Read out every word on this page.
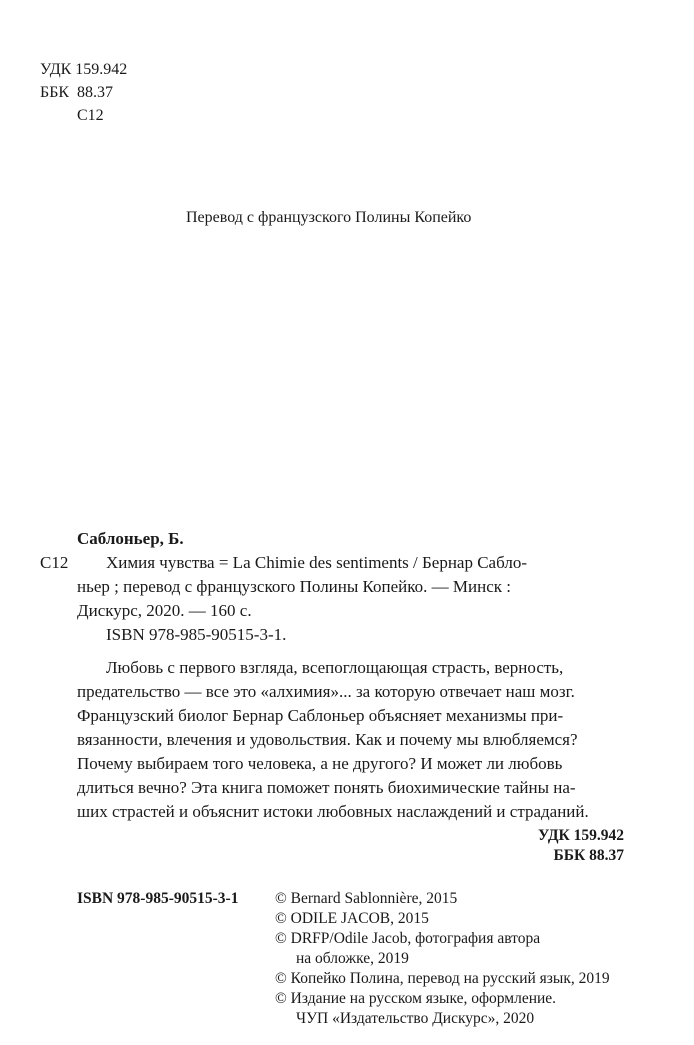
УДК 159.942
ББК  88.37
С12
Перевод с французского Полины Копейко
Саблоньер, Б.
С12 Химия чувства = La Chimie des sentiments / Бернар Сабло-
ньер ; перевод с французского Полины Копейко. — Минск :
Дискурс, 2020. — 160 с.
ISBN 978-985-90515-3-1.
Любовь с первого взгляда, всепоглощающая страсть, верность,
предательство — все это «алхимия»... за которую отвечает наш мозг.
Французский биолог Бернар Саблоньер объясняет механизмы при-
вязанности, влечения и удовольствия. Как и почему мы влюбляемся?
Почему выбираем того человека, а не другого? И может ли любовь
длиться вечно? Эта книга поможет понять биохимические тайны на-
ших страстей и объяснит истоки любовных наслаждений и страданий.
УДК 159.942
ББК 88.37
ISBN 978-985-90515-3-1 © Bernard Sablonnière, 2015
© ODILE JACOB, 2015
© DRFP/Odile Jacob, фотография автора
на обложке, 2019
© Копейко Полина, перевод на русский язык, 2019
© Издание на русском языке, оформление.
ЧУП «Издательство Дискурс», 2020
